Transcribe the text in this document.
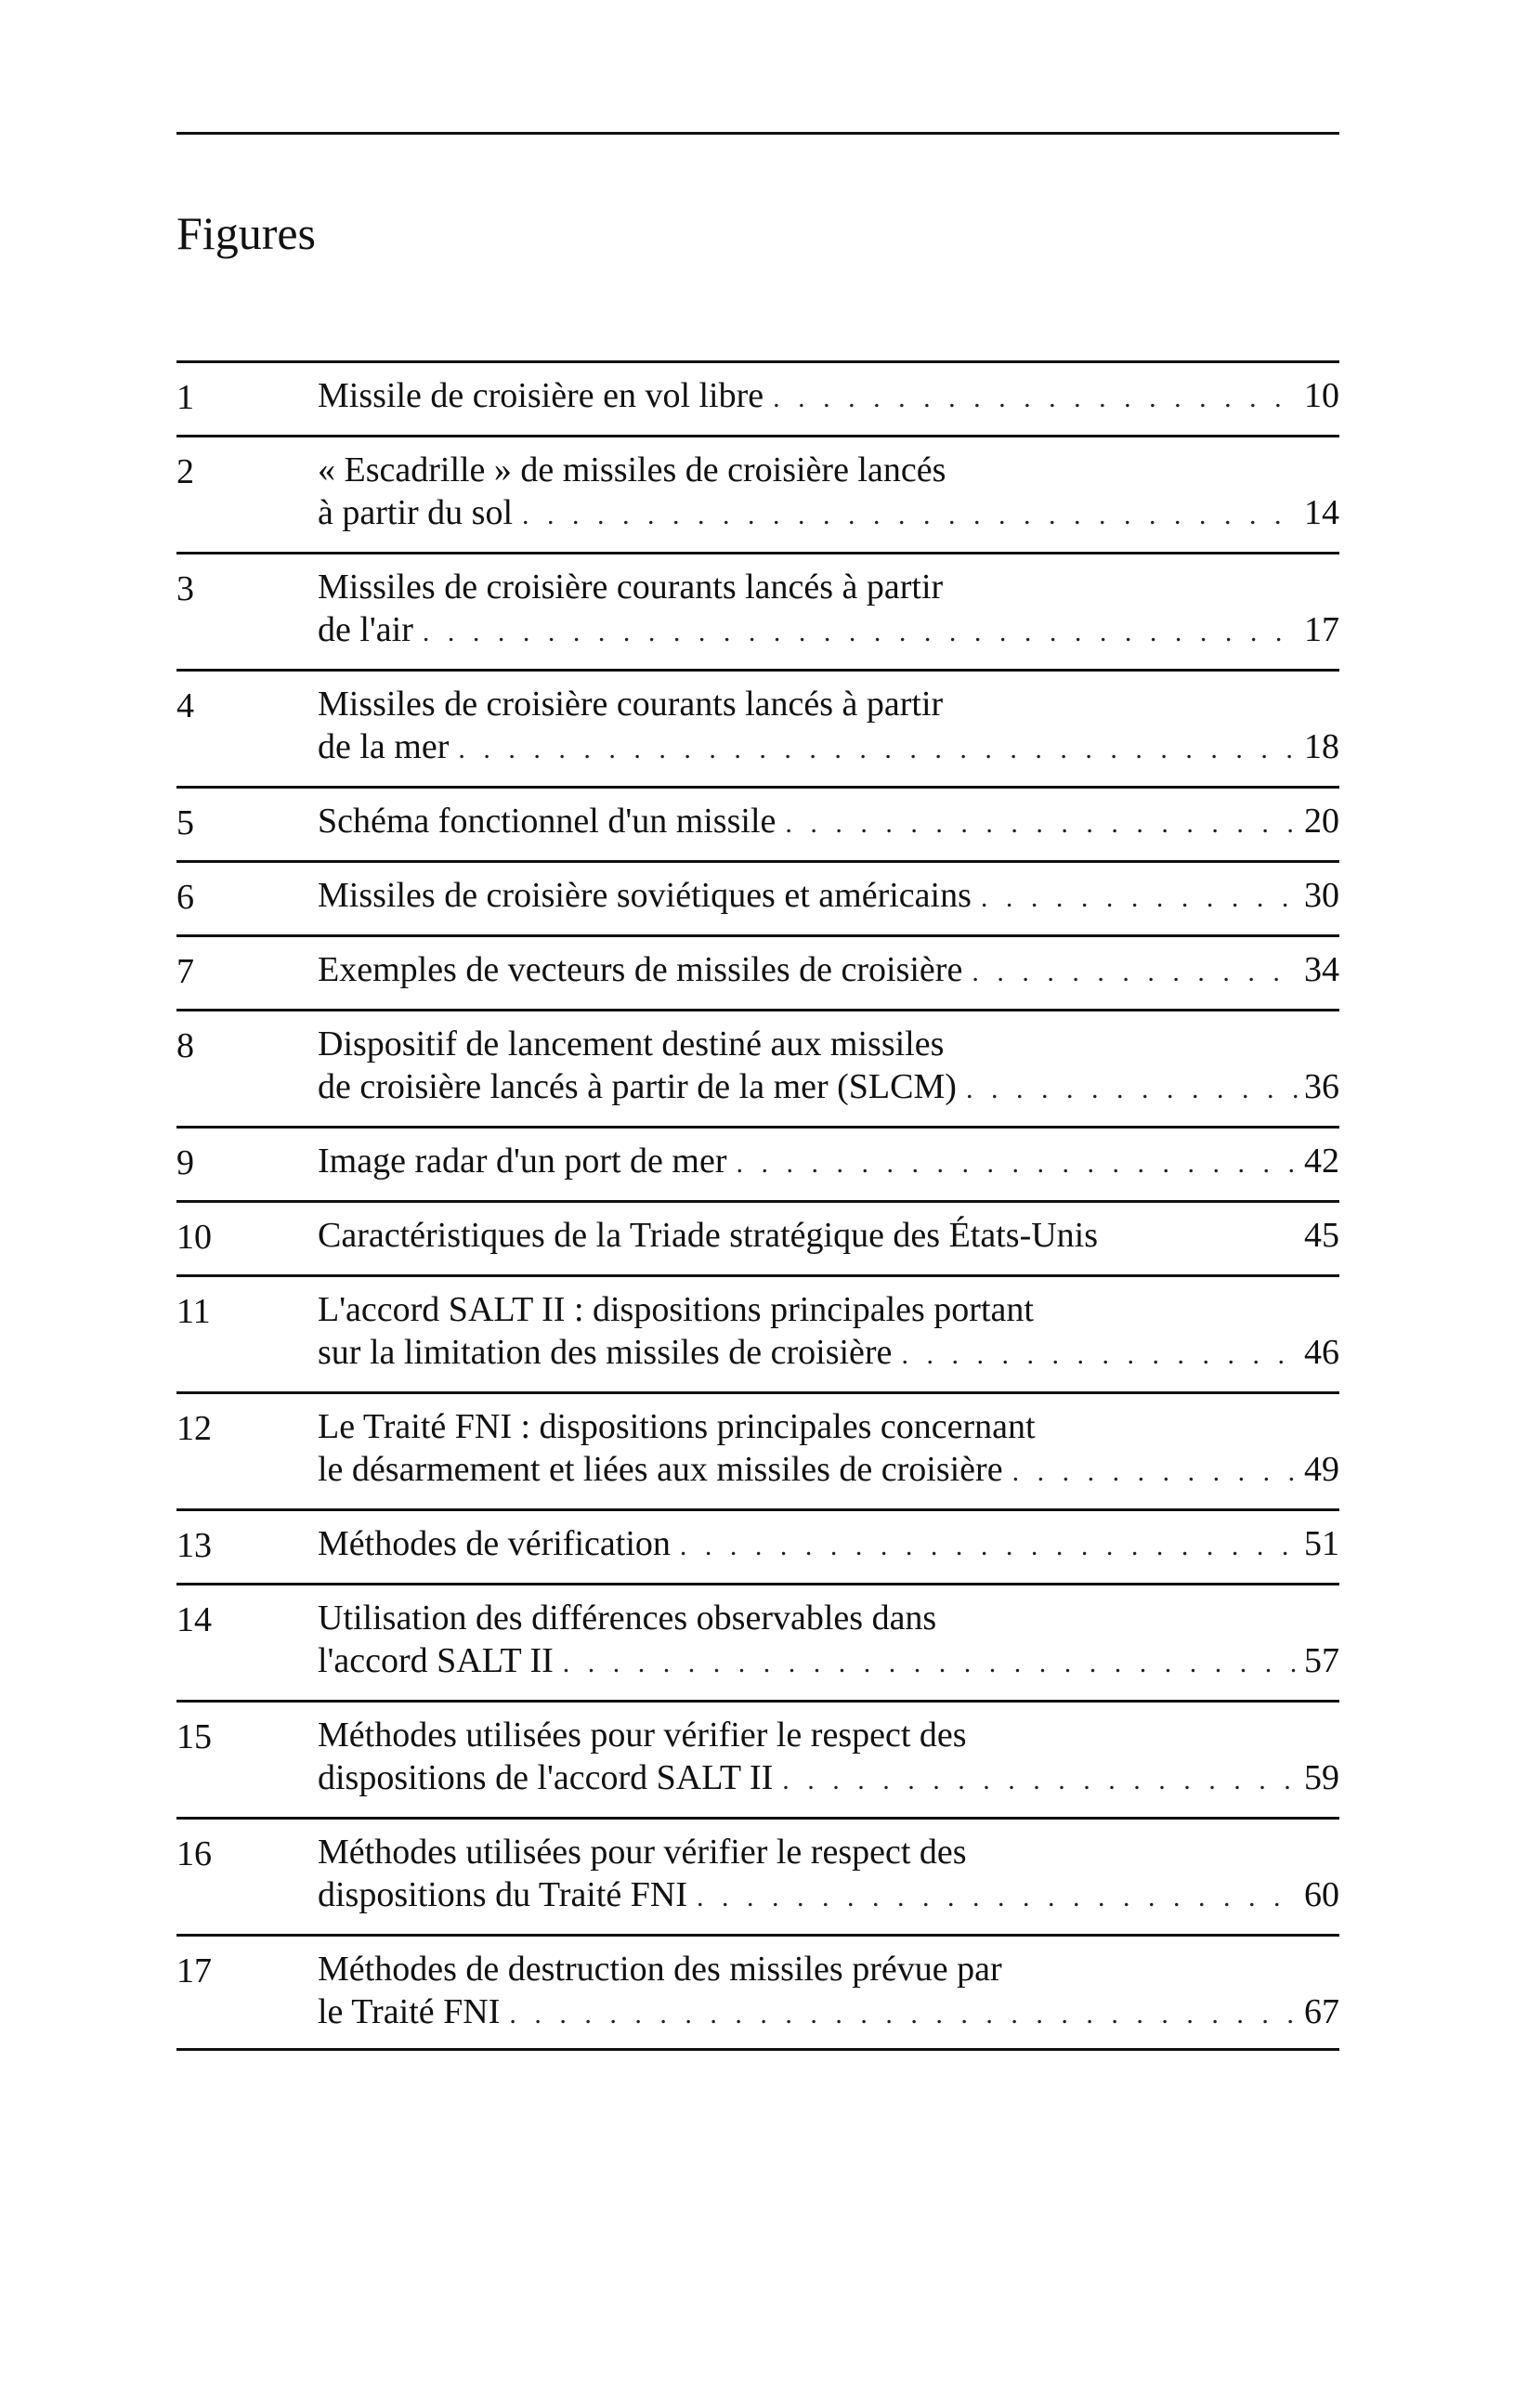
Figures
1	Missile de croisière en vol libre . . .	10
2	« Escadrille » de missiles de croisière lancés
à partir du sol . . .	14
3	Missiles de croisière courants lancés à partir
de l'air . . .	17
4	Missiles de croisière courants lancés à partir
de la mer . . .	18
5	Schéma fonctionnel d'un missile . . .	20
6	Missiles de croisière soviétiques et américains . . .	30
7	Exemples de vecteurs de missiles de croisière . . .	34
8	Dispositif de lancement destiné aux missiles
de croisière lancés à partir de la mer (SLCM) . . .	36
9	Image radar d'un port de mer . . .	42
10	Caractéristiques de la Triade stratégique des États-Unis	45
11	L'accord SALT II : dispositions principales portant
sur la limitation des missiles de croisière . . .	46
12	Le Traité FNI : dispositions principales concernant
le désarmement et liées aux missiles de croisière . . .	49
13	Méthodes de vérification . . .	51
14	Utilisation des différences observables dans
l'accord SALT II . . .	57
15	Méthodes utilisées pour vérifier le respect des
dispositions de l'accord SALT II . . .	59
16	Méthodes utilisées pour vérifier le respect des
dispositions du Traité FNI . . .	60
17	Méthodes de destruction des missiles prévue par
le Traité FNI . . .	67
